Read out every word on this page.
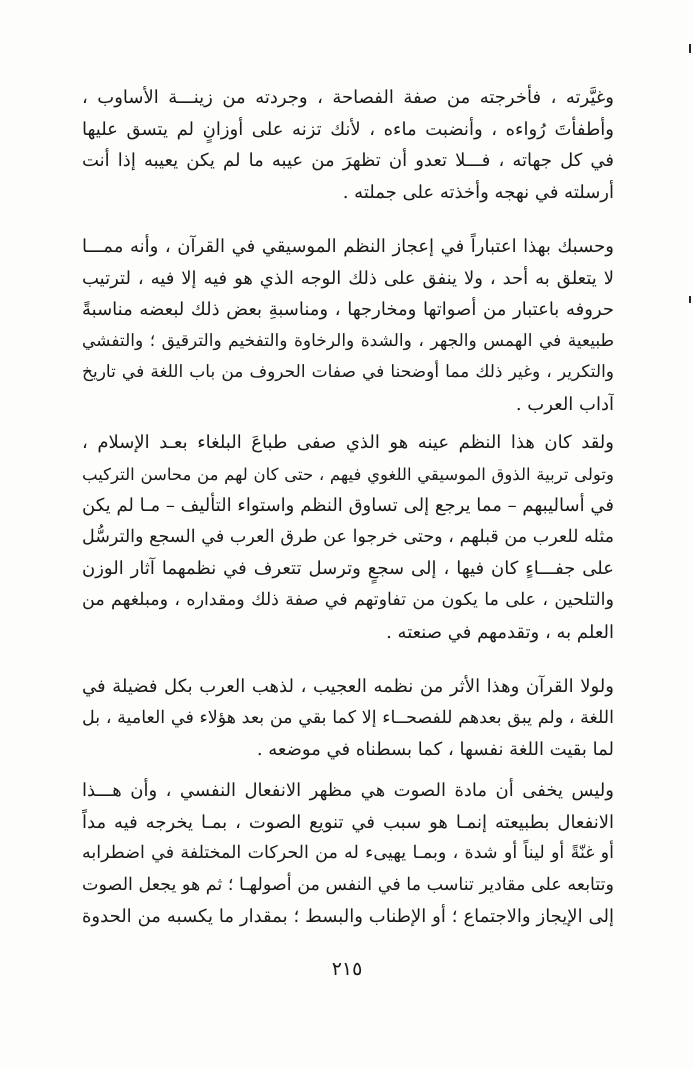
وغيَّرته ، فأخرجته من صفة الفصاحة ، وجردته من زينـــة الأساوب ،
وأطفأتَ رُواءه ، وأنضبت ماءه ، لأنك تزنه على أوزانٍ لم يتسق عليها
في كل جهاته ، فـــلا تعدو أن تظهرَ من عيبه ما لم يكن يعيبه إذا أنت
أرسلته في نهجه وأخذته على جملته .
وحسبك بهذا اعتباراً في إعجاز النظم الموسيقي في القرآن ، وأنه ممـــا
لا يتعلق به أحد ، ولا ينفق على ذلك الوجه الذي هو فيه إلا فيه ، لترتيب
حروفه باعتبار من أصواتها ومخارجها ، ومناسبةِ بعض ذلك لبعضه مناسبةً
طبيعية في الهمس والجهر ، والشدة والرخاوة والتفخيم والترقيق ؛ والتفشي
والتكرير ، وغير ذلك مما أوضحنا في صفات الحروف من باب اللغة في تاريخ
آداب العرب .
ولقد كان هذا النظم عينه هو الذي صفى طباعَ البلغاء بعـد الإسلام ،
وتولى تربية الذوق الموسيقي اللغوي فيهم ، حتى كان لهم من محاسن التركيب
في أساليبهم – مما يرجع إلى تساوق النظم واستواء التأليف – مـا لم يكن
مثله للعرب من قبلهم ، وحتى خرجوا عن طرق العرب في السجع والترسُّل
على جفـــاءٍ كان فيها ، إلى سجعٍ وترسل تتعرف في نظمهما آثار الوزن
والتلحين ، على ما يكون من تفاوتهم في صفة ذلك ومقداره ، ومبلغهم من
العلم به ، وتقدمهم في صنعته .
ولولا القرآن وهذا الأثر من نظمه العجيب ، لذهب العرب بكل فضيلة في
اللغة ، ولم يبق بعدهم للفصحــاء إلا كما بقي من بعد هؤلاء في العامية ، بل
لما بقيت اللغة نفسها ، كما بسطناه في موضعه .
وليس يخفى أن مادة الصوت هي مظهر الانفعال النفسي ، وأن هـــذا
الانفعال بطبيعته إنمـا هو سبب في تنويع الصوت ، بمـا يخرجه فيه مداً
أو غنّةً أو ليناً أو شدة ، وبمـا يهيىء له من الحركات المختلفة في اضطرابه
وتتابعه على مقادير تناسب ما في النفس من أصولهـا ؛ ثم هو يجعل الصوت
إلى الإيجاز والاجتماع ؛ أو الإطناب والبسط ؛ بمقدار ما يكسبه من الحدوة
٢١٥
